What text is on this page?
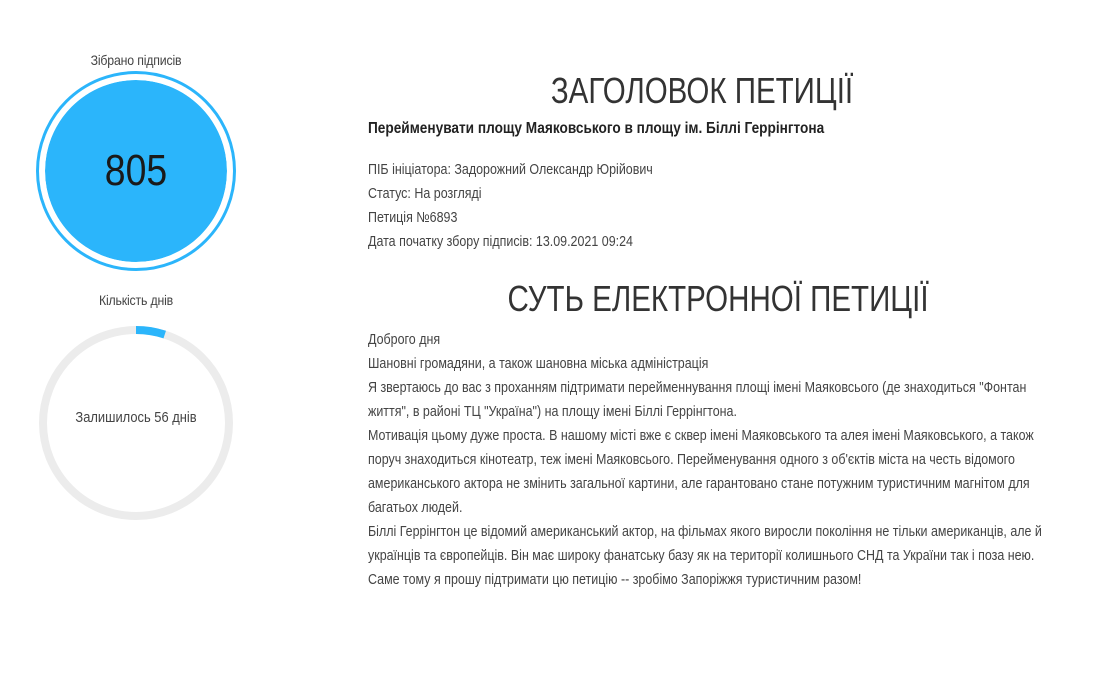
Зібрано підписів
805
Кількість днів
Залишилось 56 днів
ЗАГОЛОВОК ПЕТИЦІЇ
Перейменувати площу Маяковського в площу ім. Біллі Геррінгтона
ПІБ ініціатора: Задорожний Олександр Юрійович
Статус: На розгляді
Петиція №6893
Дата початку збору підписів: 13.09.2021 09:24
СУТЬ ЕЛЕКТРОННОЇ ПЕТИЦІЇ

Доброго дня

Шановні громадяни, а також шановна міська адміністрація

Я звертаюсь до вас з проханням підтримати перейменнування площі імені Маяковсього (де знаходиться "Фонтан життя", в районі ТЦ "Україна") на площу імені Біллі Геррінгтона.

Мотивація цьому дуже проста. В нашому місті вже є сквер імені Маяковського та алея імені Маяковського, а також поруч знаходиться кінотеатр, теж імені Маяковсього. Перейменування одного з об'єктів міста на честь відомого американського актора не змінить загальної картини, але гарантовано стане потужним туристичним магнітом для багатьох людей.

Біллі Геррінгтон це відомий американський актор, на фільмах якого виросли покоління не тільки американців, але й українців та європейців. Він має широку фанатську базу як на території колишнього СНД та України так і поза нею.

Саме тому я прошу підтримати цю петицію -- зробімо Запоріжжя туристичним разом!
